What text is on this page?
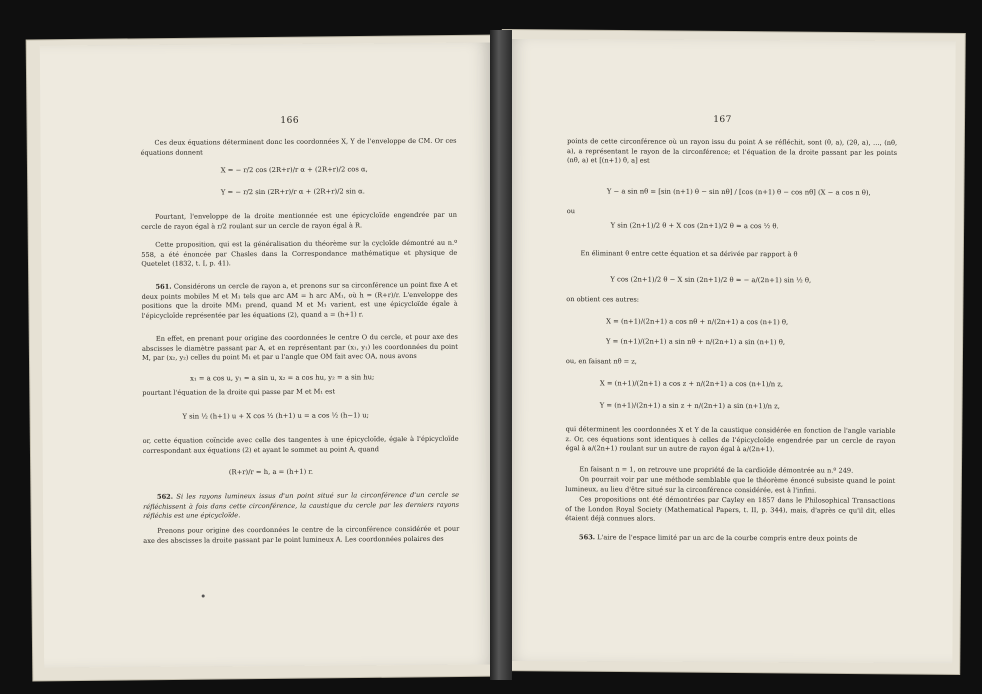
166
Ces deux équations déterminent donc les coordonnées X, Y de l'enveloppe de CM. Or ces équations donnent
X = − r/2 cos (2R+r)/r α + (2R+r)/2 cos α,
Y = − r/2 sin (2R+r)/r α + (2R+r)/2 sin α.
Pourtant, l'enveloppe de la droite mentionnée est une épicycloïde engendrée par un cercle de rayon égal à r/2 roulant sur un cercle de rayon égal à R.
Cette proposition, qui est la généralisation du théorème sur la cycloïde démontré au n.º 558, a été énoncée par Chasles dans la Correspondance mathématique et physique de Quetelet (1832, t. I, p. 41).
561. Considérons un cercle de rayon a, et prenons sur sa circonférence un point fixe A et deux points mobiles M et M₁ tels que arc AM = h arc AM₁, où h = (R+r)/r. L'enveloppe des positions que la droite MM₁ prend, quand M et M₁ varient, est une épicycloïde égale à l'épicycloïde représentée par les équations (2), quand a = (h+1) r.
En effet, en prenant pour origine des coordonnées le centre O du cercle, et pour axe des abscisses le diamètre passant par A, et en représentant par (x₁, y₁) les coordonnées du point M, par (x₂, y₂) celles du point M₁ et par u l'angle que OM fait avec OA, nous avons
x₁ = a cos u, y₁ = a sin u, x₂ = a cos hu, y₂ = a sin hu;
pourtant l'équation de la droite qui passe par M et M₁ est
Y sin ½ (h+1) u + X cos ½ (h+1) u = a cos ½ (h−1) u;
or, cette équation coïncide avec celle des tangentes à une épicycloïde, égale à l'épicycloïde correspondant aux équations (2) et ayant le sommet au point A, quand
(R+r)/r = h, a = (h+1) r.
562. Si les rayons lumineux issus d'un point situé sur la circonférence d'un cercle se réfléchissent à fois dans cette circonférence, la caustique du cercle par les derniers rayons réfléchis est une épicycloïde.
Prenons pour origine des coordonnées le centre de la circonférence considérée et pour axe des abscisses la droite passant par le point lumineux A. Les coordonnées polaires des
167
points de cette circonférence où un rayon issu du point A se réfléchit, sont (θ, a), (2θ, a), …, (nθ, a), a représentant le rayon de la circonférence; et l'équation de la droite passant par les points (nθ, a) et [(n+1) θ, a] est
Y − a sin nθ = [sin (n+1) θ − sin nθ] / [cos (n+1) θ − cos nθ] (X − a cos n θ),
ou
Y sin (2n+1)/2 θ + X cos (2n+1)/2 θ = a cos ½ θ.
En éliminant θ entre cette équation et sa dérivée par rapport à θ
Y cos (2n+1)/2 θ − X sin (2n+1)/2 θ = − a/(2n+1) sin ½ θ,
on obtient ces autres:
X = (n+1)/(2n+1) a cos nθ + n/(2n+1) a cos (n+1) θ,
Y = (n+1)/(2n+1) a sin nθ + n/(2n+1) a sin (n+1) θ,
ou, en faisant nθ = z,
X = (n+1)/(2n+1) a cos z + n/(2n+1) a cos (n+1)/n z,
Y = (n+1)/(2n+1) a sin z + n/(2n+1) a sin (n+1)/n z,
qui déterminent les coordonnées X et Y de la caustique considérée en fonction de l'angle variable z. Or, ces équations sont identiques à celles de l'épicycloïde engendrée par un cercle de rayon égal à a/(2n+1) roulant sur un autre de rayon égal à a/(2n+1).
En faisant n = 1, on retrouve une propriété de la cardioïde démontrée au n.º 249.
On pourrait voir par une méthode semblable que le théorème énoncé subsiste quand le point lumineux, au lieu d'être situé sur la circonférence considérée, est à l'infini.
Ces propositions ont été démontrées par Cayley en 1857 dans le Philosophical Transactions of the London Royal Society (Mathematical Papers, t. II, p. 344), mais, d'après ce qu'il dit, elles étaient déjà connues alors.
563. L'aire de l'espace limité par un arc de la courbe compris entre deux points de
